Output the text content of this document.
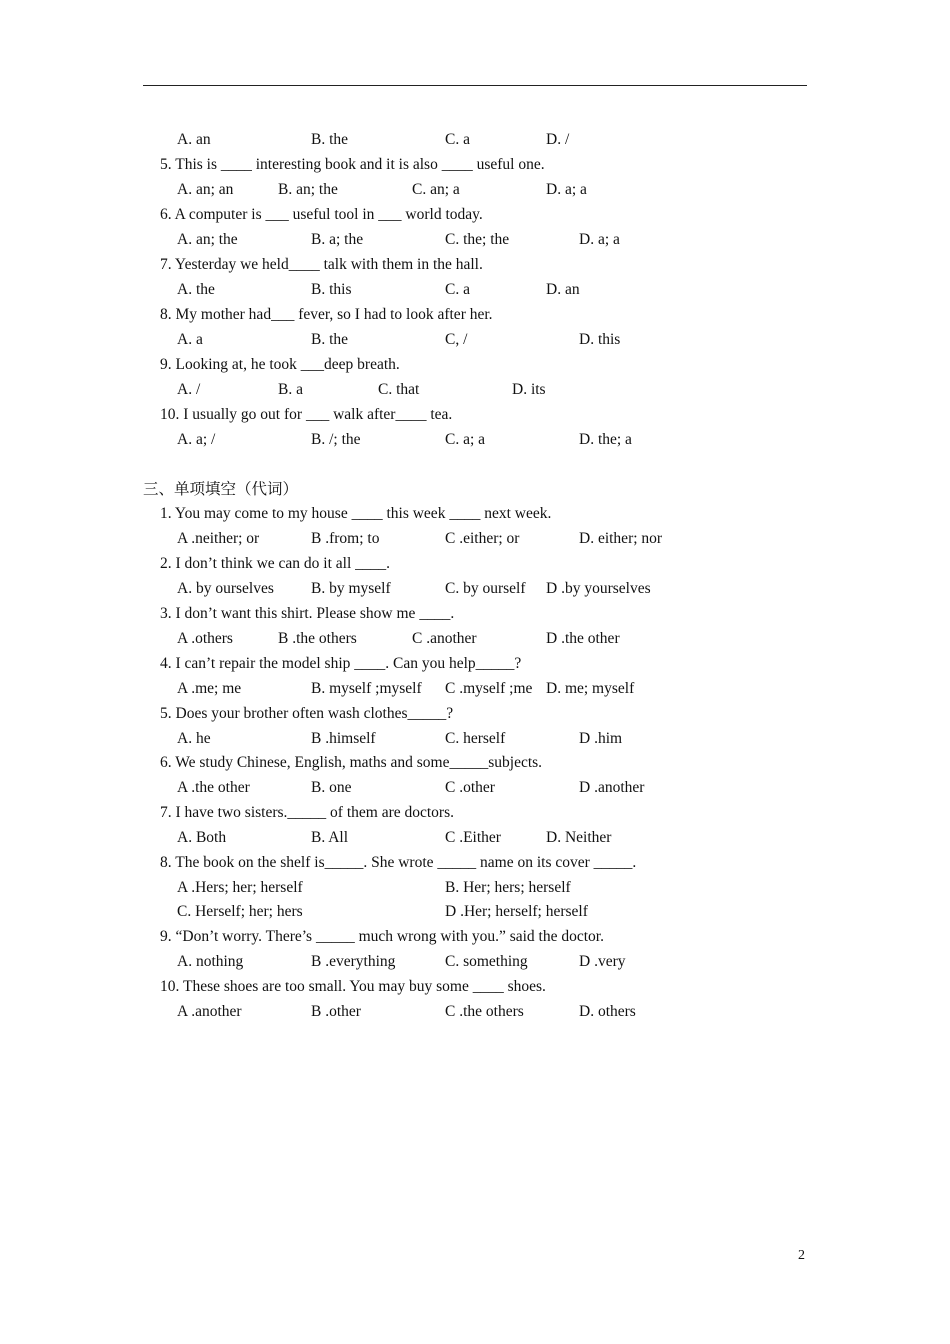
A. an	B. the	C. a	D. /
5. This is ____ interesting book and it is also ____ useful one.
A. an; an	B. an; the	C. an; a	D. a; a
6. A computer is ___ useful tool in ___ world today.
A. an; the	B. a; the	C. the; the	D. a; a
7. Yesterday we held____ talk with them in the hall.
A. the	B. this	C. a	D. an
8. My mother had___ fever, so I had to look after her.
A. a	B. the	C, /	D. this
9. Looking at, he took ___deep breath.
A. /	B. a	C. that	D. its
10. I usually go out for ___ walk after____ tea.
A. a; /	B. /; the	C. a; a	D. the; a
三、单项填空（代词）
1. You may come to my house ____ this week ____ next week.
A .neither; or	B .from; to	C .either; or	D. either; nor
2. I don’t think we can do it all ____.
A. by ourselves B. by myself	C. by ourself D .by yourselves
3. I don’t want this shirt. Please show me ____.
A .others	B .the others	C .another	D .the other
4. I can’t repair the model ship ____. Can you help_____?
A .me; me	B. myself ;myself C .myself ;me D. me; myself
5. Does your brother often wash clothes_____?
A. he	B .himself	C. herself	D .him
6. We study Chinese, English, maths and some_____subjects.
A .the other	B. one	C .other	D .another
7. I have two sisters._____ of them are doctors.
A. Both	B. All	C .Either	D. Neither
8. The book on the shelf is_____. She wrote _____ name on its cover _____.
A .Hers; her; herself	B. Her; hers; herself
C. Herself; her; hers	D .Her; herself; herself
9. “Don’t worry. There’s _____ much wrong with you.” said the doctor.
A. nothing	B .everything	C. something	D .very
10. These shoes are too small. You may buy some ____ shoes.
A .another	B .other	C .the others	D. others
2
